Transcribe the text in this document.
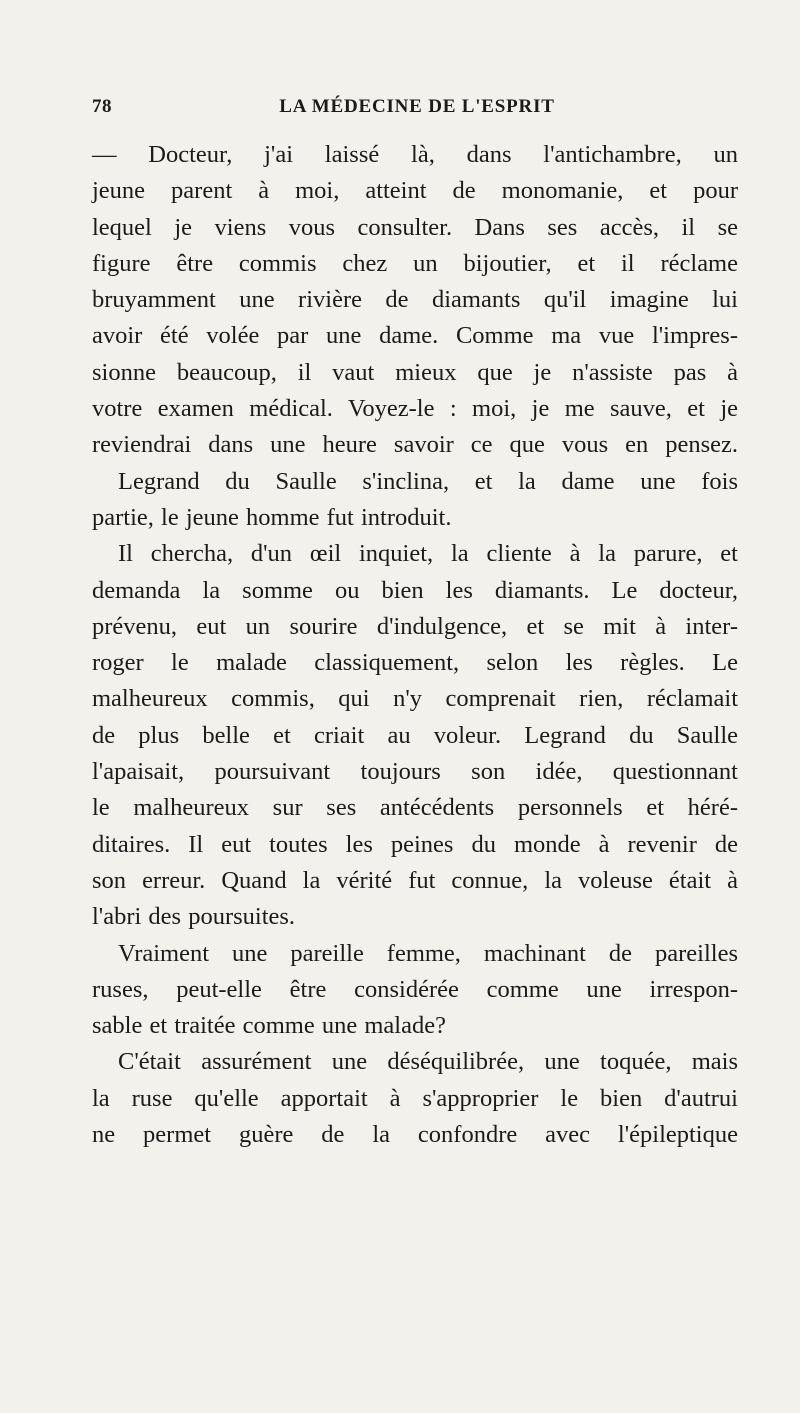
78	LA MÉDECINE DE L'ESPRIT
— Docteur, j'ai laissé là, dans l'antichambre, un
jeune parent à moi, atteint de monomanie, et pour
lequel je viens vous consulter. Dans ses accès, il se
figure être commis chez un bijoutier, et il réclame
bruyamment une rivière de diamants qu'il imagine lui
avoir été volée par une dame. Comme ma vue l'impres-
sionne beaucoup, il vaut mieux que je n'assiste pas à
votre examen médical. Voyez-le : moi, je me sauve, et je
reviendrai dans une heure savoir ce que vous en pensez.
Legrand du Saulle s'inclina, et la dame une fois
partie, le jeune homme fut introduit.
Il chercha, d'un œil inquiet, la cliente à la parure, et
demanda la somme ou bien les diamants. Le docteur,
prévenu, eut un sourire d'indulgence, et se mit à inter-
roger le malade classiquement, selon les règles. Le
malheureux commis, qui n'y comprenait rien, réclamait
de plus belle et criait au voleur. Legrand du Saulle
l'apaisait, poursuivant toujours son idée, questionnant
le malheureux sur ses antécédents personnels et héré-
ditaires. Il eut toutes les peines du monde à revenir de
son erreur. Quand la vérité fut connue, la voleuse était à
l'abri des poursuites.
Vraiment une pareille femme, machinant de pareilles
ruses, peut-elle être considérée comme une irrespon-
sable et traitée comme une malade?
C'était assurément une déséquilibrée, une toquée, mais
la ruse qu'elle apportait à s'approprier le bien d'autrui
ne permet guère de la confondre avec l'épileptique
